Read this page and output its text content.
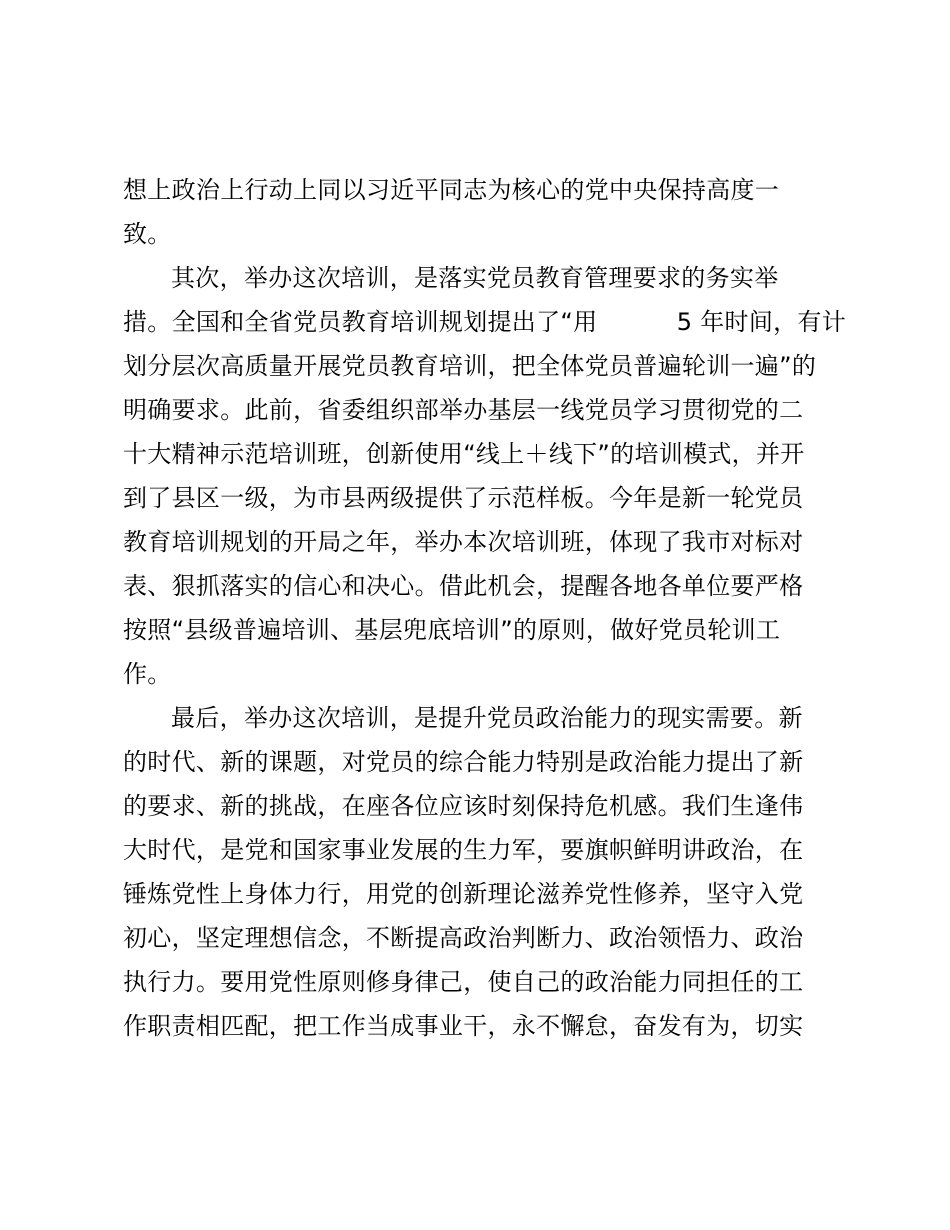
想上政治上行动上同以习近平同志为核心的党中央保持高度一
致。
其次，举办这次培训，是落实党员教育管理要求的务实举
措。全国和全省党员教育培训规划提出了“用          5 年时间，有计
划分层次高质量开展党员教育培训，把全体党员普遍轮训一遍”的
明确要求。此前，省委组织部举办基层一线党员学习贯彻党的二
十大精神示范培训班，创新使用“线上＋线下”的培训模式，并开
到了县区一级，为市县两级提供了示范样板。今年是新一轮党员
教育培训规划的开局之年，举办本次培训班，体现了我市对标对
表、狠抓落实的信心和决心。借此机会，提醒各地各单位要严格
按照“县级普遍培训、基层兜底培训”的原则，做好党员轮训工
作。
最后，举办这次培训，是提升党员政治能力的现实需要。新
的时代、新的课题，对党员的综合能力特别是政治能力提出了新
的要求、新的挑战，在座各位应该时刻保持危机感。我们生逢伟
大时代，是党和国家事业发展的生力军，要旗帜鲜明讲政治，在
锤炼党性上身体力行，用党的创新理论滋养党性修养，坚守入党
初心，坚定理想信念，不断提高政治判断力、政治领悟力、政治
执行力。要用党性原则修身律己，使自己的政治能力同担任的工
作职责相匹配，把工作当成事业干，永不懈怠，奋发有为，切实
